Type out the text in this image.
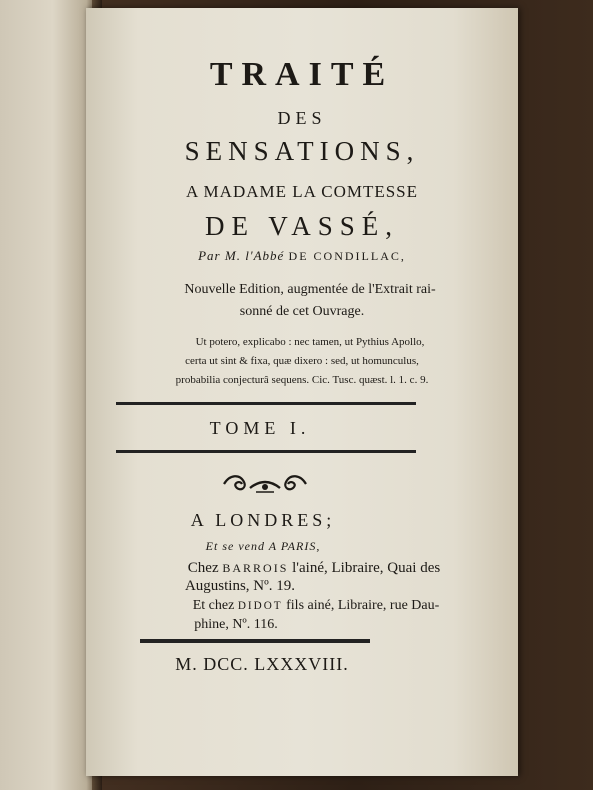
TRAITÉ
DES
SENSATIONS,
A MADAME LA COMTESSE
DE VASSÉ,
Par M. l'Abbé DE CONDILLAC,
Nouvelle Edition, augmentée de l'Extrait rai-
sonné de cet Ouvrage.
Ut potero, explicabo : nec tamen, ut Pythius Apollo,
certa ut sint & fixa, quæ dixero : sed, ut homunculus,
probabilia conjecturâ sequens. Cic. Tusc. quæst. l. 1. c. 9.
TOME I.
A LONDRES;
Et se vend A PARIS,
Chez BARROIS l'ainé, Libraire, Quai des
Augustins, Nº. 19.
Et chez DIDOT fils ainé, Libraire, rue Dau-
phine, Nº. 116.
M. DCC. LXXXVIII.
